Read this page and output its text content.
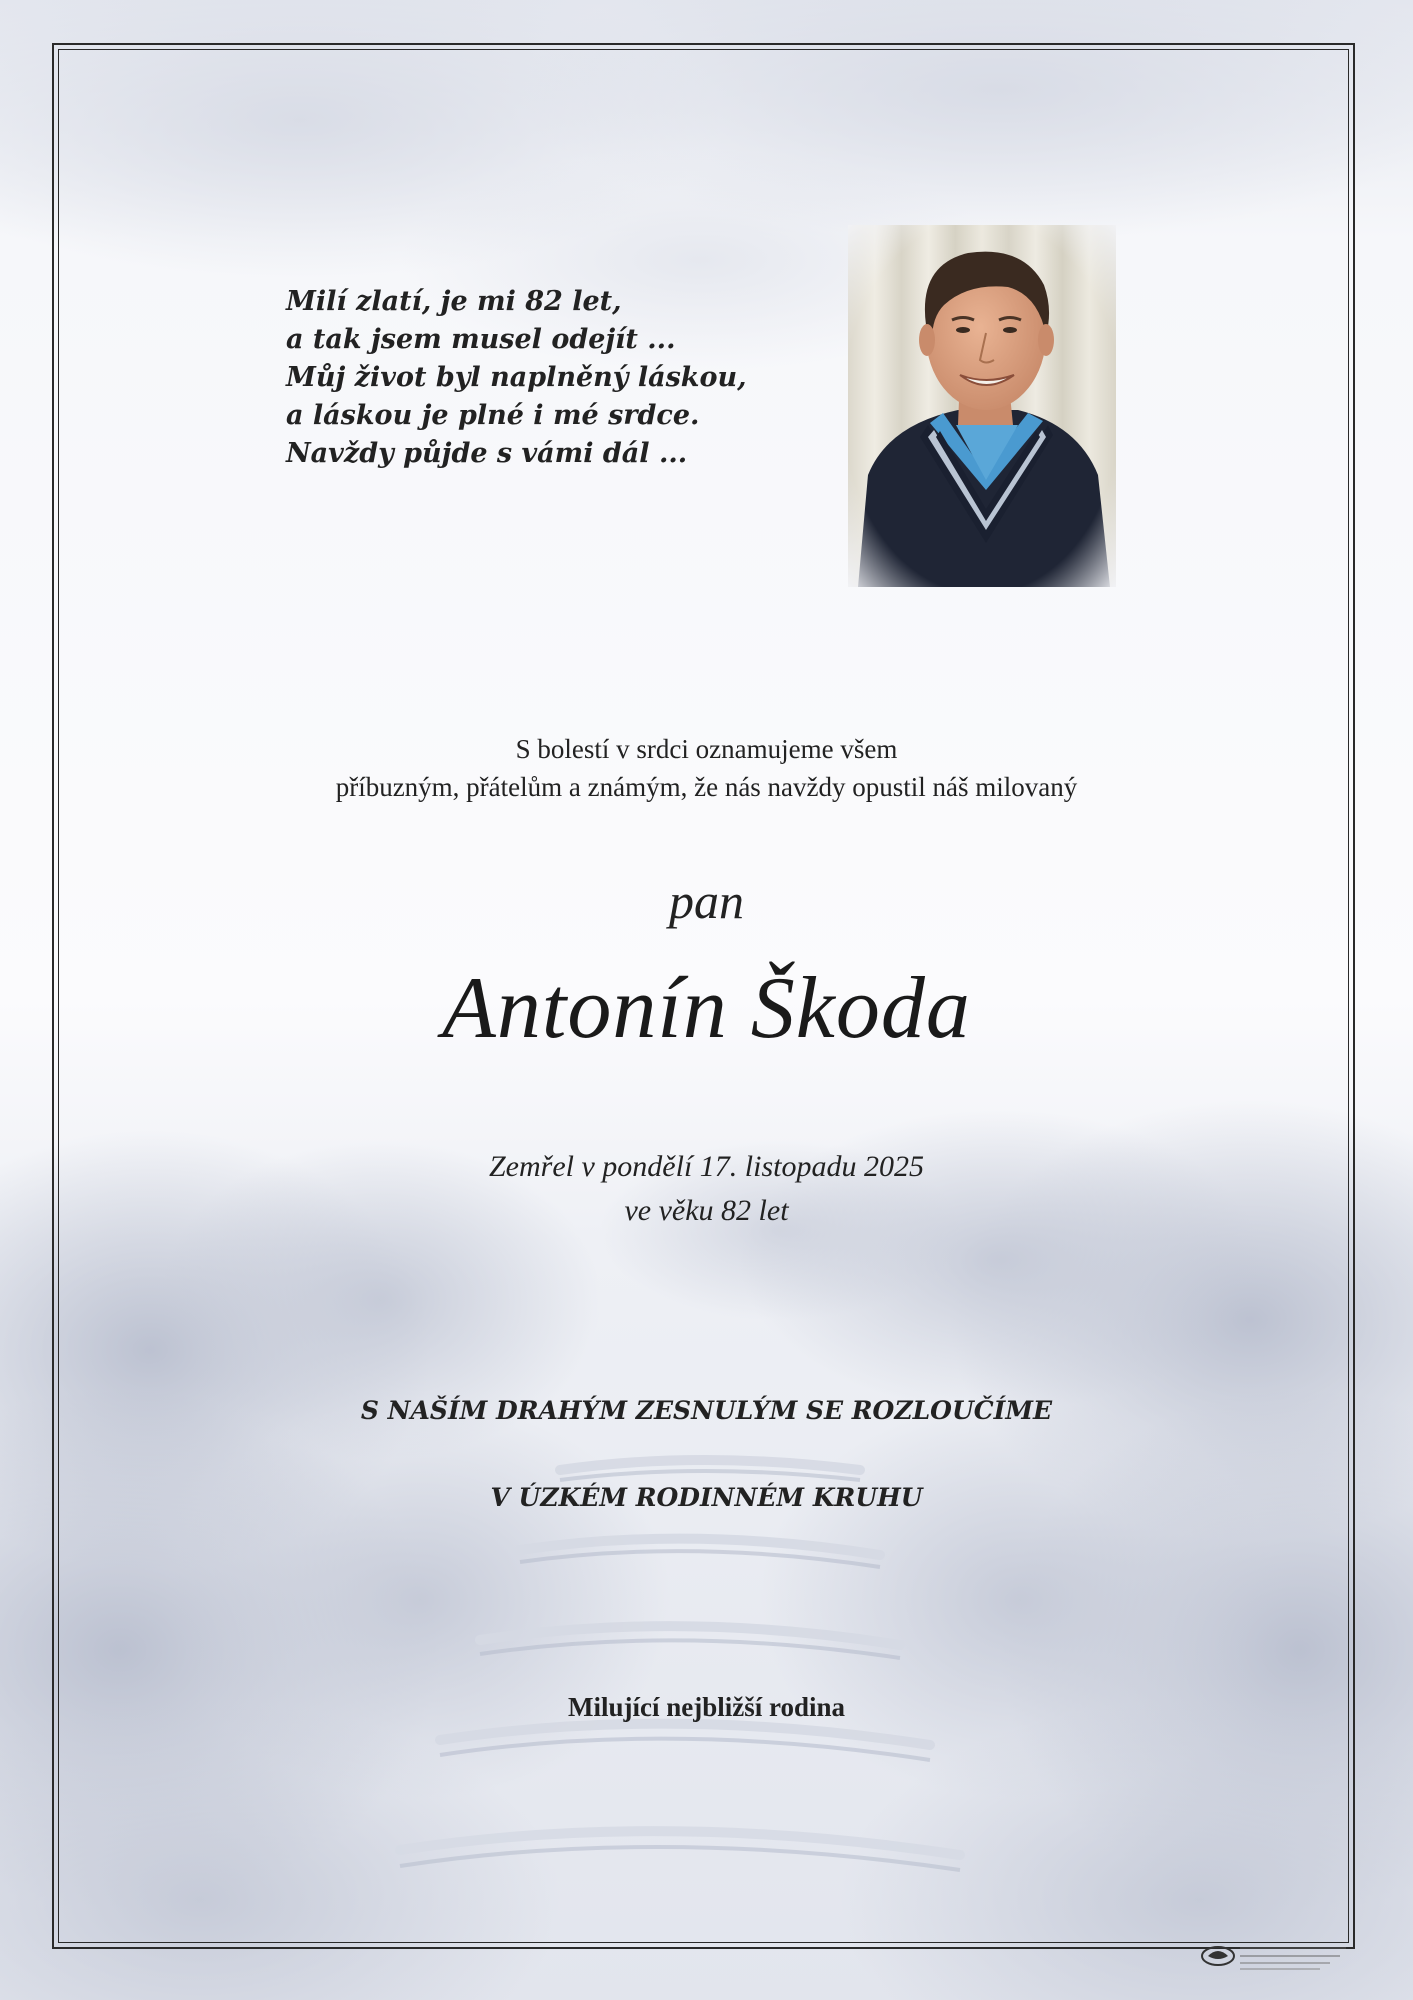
Milí zlatí, je mi 82 let,
a tak jsem musel odejít ...
Můj život byl naplněný láskou,
a láskou je plné i mé srdce.
Navždy půjde s vámi dál ...
S bolestí v srdci oznamujeme všem
příbuzným, přátelům a známým, že nás navždy opustil náš milovaný
pan
Antonín Škoda
Zemřel v pondělí 17. listopadu 2025
ve věku 82 let
S NAŠÍM DRAHÝM ZESNULÝM SE ROZLOUČÍME
V ÚZKÉM RODINNÉM KRUHU
Milující nejbližší rodina
